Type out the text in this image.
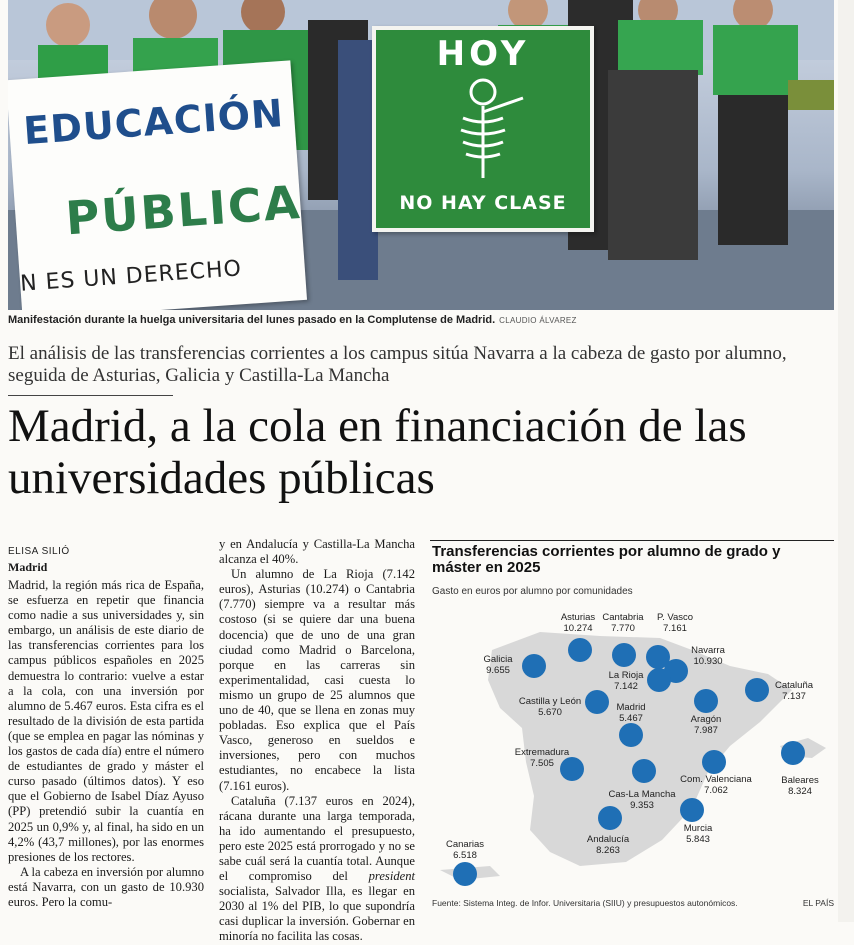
EDUCACIÓN
PÚBLICA
N ES UN DERECHO
HOY
NO HAY CLASE
Manifestación durante la huelga universitaria del lunes pasado en la Complutense de Madrid. CLAUDIO ÁLVAREZ
El análisis de las transferencias corrientes a los campus sitúa Navarra a la cabeza de gasto por alumno, seguida de Asturias, Galicia y Castilla-La Mancha
Madrid, a la cola en financiación de las universidades públicas
ELISA SILIÓ
Madrid

Madrid, la región más rica de España, se esfuerza en repetir que financia como nadie a sus universidades y, sin embargo, un análisis de este diario de las transferencias corrientes para los campus públicos españoles en 2025 demuestra lo contrario: vuelve a estar a la cola, con una inversión por alumno de 5.467 euros. Esta cifra es el resultado de la división de esta partida (que se emplea en pagar las nóminas y los gastos de cada día) entre el número de estudiantes de grado y máster el curso pasado (últimos datos). Y eso que el Gobierno de Isabel Díaz Ayuso (PP) pretendió subir la cuantía en 2025 un 0,9% y, al final, ha sido en un 4,2% (43,7 millones), por las enormes presiones de los rectores.

A la cabeza en inversión por alumno está Navarra, con un gasto de 10.930 euros. Pero la comu-

y en Andalucía y Castilla-La Mancha alcanza el 40%.

Un alumno de La Rioja (7.142 euros), Asturias (10.274) o Cantabria (7.770) siempre va a resultar más costoso (si se quiere dar una buena docencia) que de uno de una gran ciudad como Madrid o Barcelona, porque en las carreras sin experimentalidad, casi cuesta lo mismo un grupo de 25 alumnos que uno de 40, que se llena en zonas muy pobladas. Eso explica que el País Vasco, generoso en sueldos e inversiones, pero con muchos estudiantes, no encabece la lista (7.161 euros).

Cataluña (7.137 euros en 2024), rácana durante una larga temporada, ha ido aumentando el presupuesto, pero este 2025 está prorrogado y no se sabe cuál será la cuantía total. Aunque el compromiso del president socialista, Salvador Illa, es llegar en 2030 al 1% del PIB, lo que supondría casi duplicar la inversión. Gobernar en minoría no facilita las cosas.

Transferencias corrientes por alumno de grado y máster en 2025
Gasto en euros por alumno por comunidades
Asturias
10.274
Cantabria
7.770
P. Vasco
7.161
Galicia
9.655
Navarra
10.930
La Rioja
7.142	Cataluña
7.137
Castilla y León
5.670	Madrid
5.467	Aragón
7.987
Extremadura
7.505
Cas-La Mancha
9.353
Com. Valenciana
7.062
Baleares
8.324
Murcia
5.843
Andalucía
8.263
Canarias
6.518
Fuente: Sistema Integ. de Infor. Universitaria (SIIU) y presupuestos autonómicos.	EL PAÍS
